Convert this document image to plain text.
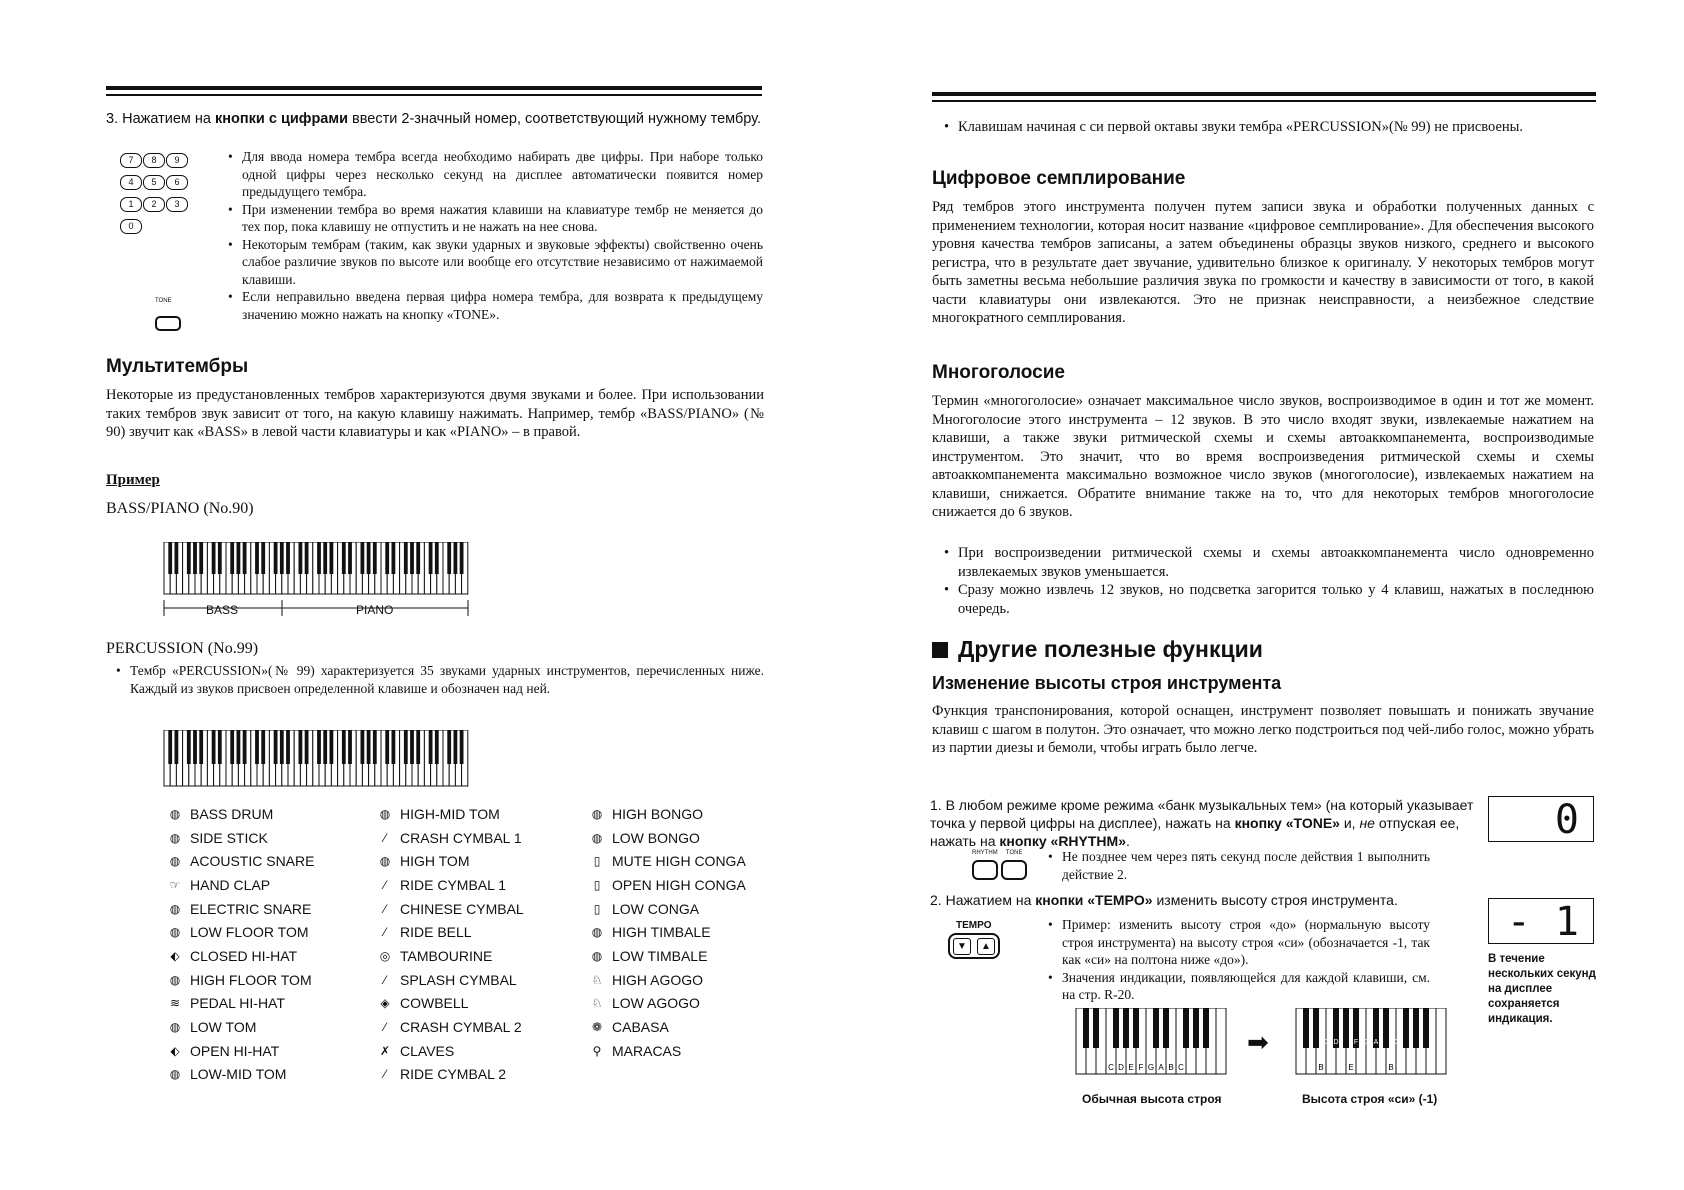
3. Нажатием на кнопки с цифрами ввести 2-значный номер, соответствующий нужному тембру.
7 8 9
4 5 6
1 2 3
0
TONE

• Для ввода номера тембра всегда необходимо набирать две цифры. При наборе только одной цифры через несколько секунд на дисплее автоматически появится номер предыдущего тембра.

• При изменении тембра во время нажатия клавиши на клавиатуре тембр не меняется до тех пор, пока клавишу не отпустить и не нажать на нее снова.

• Некоторым тембрам (таким, как звуки ударных и звуковые эффекты) свойственно очень слабое различие звуков по высоте или вообще его отсутствие независимо от нажимаемой клавиши.

• Если неправильно введена первая цифра номера тембра, для возврата к предыдущему значению можно нажать на кнопку «TONE».

Мультитембры

Некоторые из предустановленных тембров характеризуются двумя звуками и более. При использовании таких тембров звук зависит от того, на какую клавишу нажимать. Например, тембр «BASS/PIANO» (№ 90) звучит как «BASS» в левой части клавиатуры и как «PIANO» – в правой.

Пример
BASS/PIANO (No.90)
BASS	PIANO
PERCUSSION (No.99)

• Тембр «PERCUSSION»(№ 99) характеризуется 35 звуками ударных инструментов, перечисленных ниже. Каждый из звуков присвоен определенной клавише и обозначен над ней.

◍ BASS DRUM
◍ SIDE STICK
◍ ACOUSTIC SNARE
☞ HAND CLAP
◍ ELECTRIC SNARE
◍ LOW FLOOR TOM
⬖ CLOSED HI-HAT
◍ HIGH FLOOR TOM
≋ PEDAL HI-HAT
◍ LOW TOM
⬖ OPEN HI-HAT
◍ LOW-MID TOM
◍ HIGH-MID TOM
⁄	CRASH CYMBAL 1
◍ HIGH TOM
⁄	RIDE CYMBAL 1
⁄	CHINESE CYMBAL
⁄	RIDE BELL
◎ TAMBOURINE
⁄	SPLASH CYMBAL
◈ COWBELL
⁄	CRASH CYMBAL 2
✗ CLAVES
⁄	RIDE CYMBAL 2
◍ HIGH BONGO
◍ LOW BONGO
▯ MUTE HIGH CONGA
▯ OPEN HIGH CONGA
▯ LOW CONGA
◍ HIGH TIMBALE
◍ LOW TIMBALE
♘ HIGH AGOGO
♘ LOW AGOGO
❁ CABASA
⚲ MARACAS

• Клавишам начиная с си первой октавы звуки тембра «PERCUSSION»(№ 99) не присвоены.

Цифровое семплирование

Ряд тембров этого инструмента получен путем записи звука и обработки полученных данных с применением технологии, которая носит название «цифровое семплирование». Для обеспечения высокого уровня качества тембров записаны, а затем объединены образцы звуков низкого, среднего и высокого регистра, что в результате дает звучание, удивительно близкое к оригиналу. У некоторых тембров могут быть заметны весьма небольшие различия звука по громкости и качеству в зависимости от того, в какой части клавиатуры они извлекаются. Это не признак неисправности, а неизбежное следствие многократного семплирования.

Многоголосие

Термин «многоголосие» означает максимальное число звуков, воспроизводимое в один и тот же момент. Многоголосие этого инструмента – 12 звуков. В это число входят звуки, извлекаемые нажатием на клавиши, а также звуки ритмической схемы и схемы автоаккомпанемента, воспроизводимые инструментом. Это значит, что во время воспроизведения ритмической схемы и схемы автоаккомпанемента максимально возможное число звуков (многоголосие), извлекаемых нажатием на клавиши, снижается. Обратите внимание также на то, что для некоторых тембров многоголосие снижается до 6 звуков.

• При воспроизведении ритмической схемы и схемы автоаккомпанемента число одновременно извлекаемых звуков уменьшается.

• Сразу можно извлечь 12 звуков, но подсветка загорится только у 4 клавиш, нажатых в последнюю очередь.

Другие полезные функции
Изменение высоты строя инструмента

Функция транспонирования, которой оснащен, инструмент позволяет повышать и понижать звучание клавиш с шагом в полутон. Это означает, что можно легко подстроиться под чей-либо голос, можно убрать из партии диезы и бемоли, чтобы играть было легче.

1. В любом режиме кроме режима «банк музыкальных тем» (на который указывает точка у первой цифры на дисплее), нажать на кнопку «TONE» и, не отпуская ее, нажать на кнопку «RHYTHM».
RHYTHM TONE

•	Не позднее чем через пять секунд после действия 1 выполнить действие 2.

0
2. Нажатием на кнопки «TEMPO» изменить высоту строя инструмента.
TEMPO
▼	▲

• Пример: изменить высоту строя «до» (нормальную высоту строя инструмента) на высоту строя «си» (обозначается -1, так как «си» на полтона ниже «до»).

• Значения индикации, появляющейся для каждой клавиши, см. на стр. R-20.

- 1
В течение нескольких секунд на дисплее сохраняется индикация.
C D E F G A B C
➡
B	E	B
C D F G A C
Обычная высота строя	Высота строя «си» (-1)
